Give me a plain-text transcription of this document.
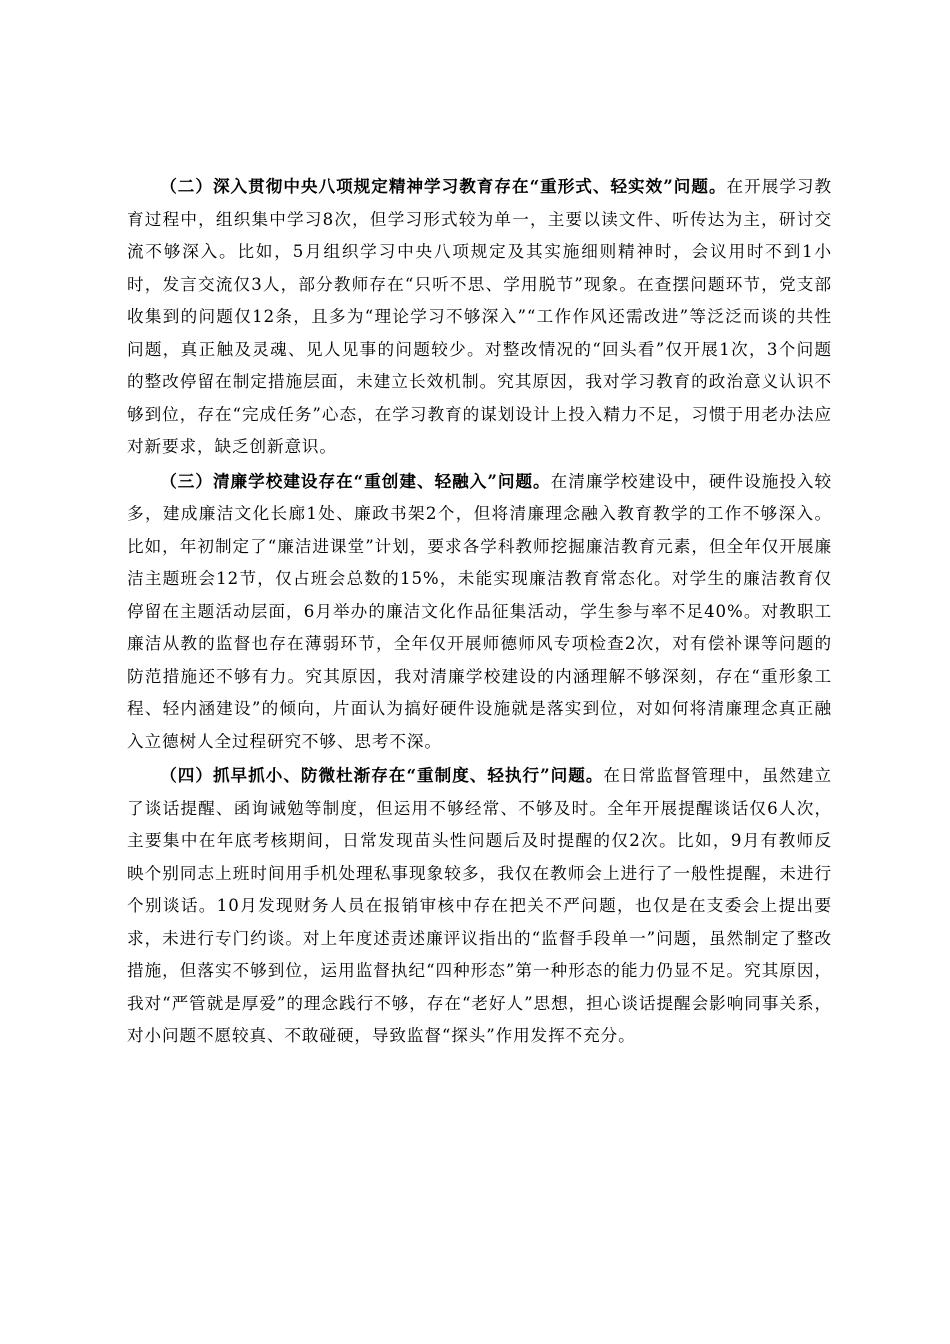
（二）深入贯彻中央八项规定精神学习教育存在“重形式、轻实效”问题。在开展学习教育过程中，组织集中学习8次，但学习形式较为单一，主要以读文件、听传达为主，研讨交流不够深入。比如，5月组织学习中央八项规定及其实施细则精神时，会议用时不到1小时，发言交流仅3人，部分教师存在“只听不思、学用脱节”现象。在查摆问题环节，党支部收集到的问题仅12条，且多为“理论学习不够深入”“工作作风还需改进”等泛泛而谈的共性问题，真正触及灵魂、见人见事的问题较少。对整改情况的“回头看”仅开展1次，3个问题的整改停留在制定措施层面，未建立长效机制。究其原因，我对学习教育的政治意义认识不够到位，存在“完成任务”心态，在学习教育的谋划设计上投入精力不足，习惯于用老办法应对新要求，缺乏创新意识。

（三）清廉学校建设存在“重创建、轻融入”问题。在清廉学校建设中，硬件设施投入较多，建成廉洁文化长廊1处、廉政书架2个，但将清廉理念融入教育教学的工作不够深入。比如，年初制定了“廉洁进课堂”计划，要求各学科教师挖掘廉洁教育元素，但全年仅开展廉洁主题班会12节，仅占班会总数的15%，未能实现廉洁教育常态化。对学生的廉洁教育仅停留在主题活动层面，6月举办的廉洁文化作品征集活动，学生参与率不足40%。对教职工廉洁从教的监督也存在薄弱环节，全年仅开展师德师风专项检查2次，对有偿补课等问题的防范措施还不够有力。究其原因，我对清廉学校建设的内涵理解不够深刻，存在“重形象工程、轻内涵建设”的倾向，片面认为搞好硬件设施就是落实到位，对如何将清廉理念真正融入立德树人全过程研究不够、思考不深。

（四）抓早抓小、防微杜渐存在“重制度、轻执行”问题。在日常监督管理中，虽然建立了谈话提醒、函询诫勉等制度，但运用不够经常、不够及时。全年开展提醒谈话仅6人次，主要集中在年底考核期间，日常发现苗头性问题后及时提醒的仅2次。比如，9月有教师反映个别同志上班时间用手机处理私事现象较多，我仅在教师会上进行了一般性提醒，未进行个别谈话。10月发现财务人员在报销审核中存在把关不严问题，也仅是在支委会上提出要求，未进行专门约谈。对上年度述责述廉评议指出的“监督手段单一”问题，虽然制定了整改措施，但落实不够到位，运用监督执纪“四种形态”第一种形态的能力仍显不足。究其原因，我对“严管就是厚爱”的理念践行不够，存在“老好人”思想，担心谈话提醒会影响同事关系，对小问题不愿较真、不敢碰硬，导致监督“探头”作用发挥不充分。
